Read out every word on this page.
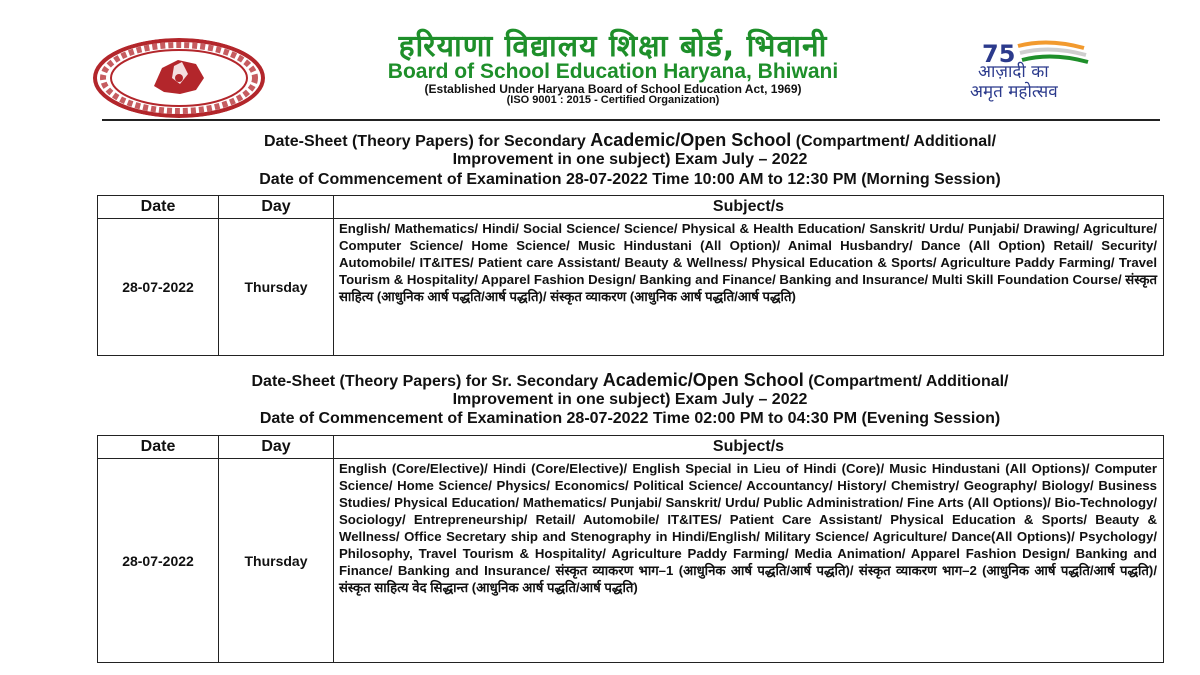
हरियाणा विद्यालय शिक्षा बोर्ड, भिवानी
Board of School Education Haryana, Bhiwani
(Established Under Haryana Board of School Education Act, 1969)
(ISO 9001 : 2015 - Certified Organization)
75
आज़ादी का
अमृत महोत्सव
Date-Sheet (Theory Papers) for Secondary Academic/Open School (Compartment/ Additional/
Improvement in one subject) Exam July – 2022
Date of Commencement of Examination 28-07-2022 Time 10:00 AM to 12:30 PM (Morning Session)
Date	Day	Subject/s
28-07-2022	Thursday	English/ Mathematics/ Hindi/ Social Science/ Science/ Physical & Health Education/ Sanskrit/ Urdu/ Punjabi/ Drawing/ Agriculture/ Computer Science/ Home Science/ Music Hindustani (All Option)/ Animal Husbandry/ Dance (All Option) Retail/ Security/ Automobile/ IT&ITES/ Patient care Assistant/ Beauty & Wellness/ Physical Education & Sports/ Agriculture Paddy Farming/ Travel Tourism & Hospitality/ Apparel Fashion Design/ Banking and Finance/ Banking and Insurance/ Multi Skill Foundation Course/ संस्कृत साहित्य (आधुनिक आर्ष पद्धति/आर्ष पद्धति)/ संस्कृत व्याकरण (आधुनिक आर्ष पद्धति/आर्ष पद्धति)
Date-Sheet (Theory Papers) for Sr. Secondary Academic/Open School (Compartment/ Additional/
Improvement in one subject) Exam July – 2022
Date of Commencement of Examination 28-07-2022 Time 02:00 PM to 04:30 PM (Evening Session)
Date	Day	Subject/s
28-07-2022	Thursday	English (Core/Elective)/ Hindi (Core/Elective)/ English Special in Lieu of Hindi (Core)/ Music Hindustani (All Options)/ Computer Science/ Home Science/ Physics/ Economics/ Political Science/ Accountancy/ History/ Chemistry/ Geography/ Biology/ Business Studies/ Physical Education/ Mathematics/ Punjabi/ Sanskrit/ Urdu/ Public Administration/ Fine Arts (All Options)/ Bio-Technology/ Sociology/ Entrepreneurship/ Retail/ Automobile/ IT&ITES/ Patient Care Assistant/ Physical Education & Sports/ Beauty & Wellness/ Office Secretary ship and Stenography in Hindi/English/ Military Science/ Agriculture/ Dance(All Options)/ Psychology/ Philosophy, Travel Tourism & Hospitality/ Agriculture Paddy Farming/ Media Animation/ Apparel Fashion Design/ Banking and Finance/ Banking and Insurance/ संस्कृत व्याकरण भाग–1 (आधुनिक आर्ष पद्धति/आर्ष पद्धति)/ संस्कृत व्याकरण भाग–2 (आधुनिक आर्ष पद्धति/आर्ष पद्धति)/ संस्कृत साहित्य वेद सिद्धान्त (आधुनिक आर्ष पद्धति/आर्ष पद्धति)
